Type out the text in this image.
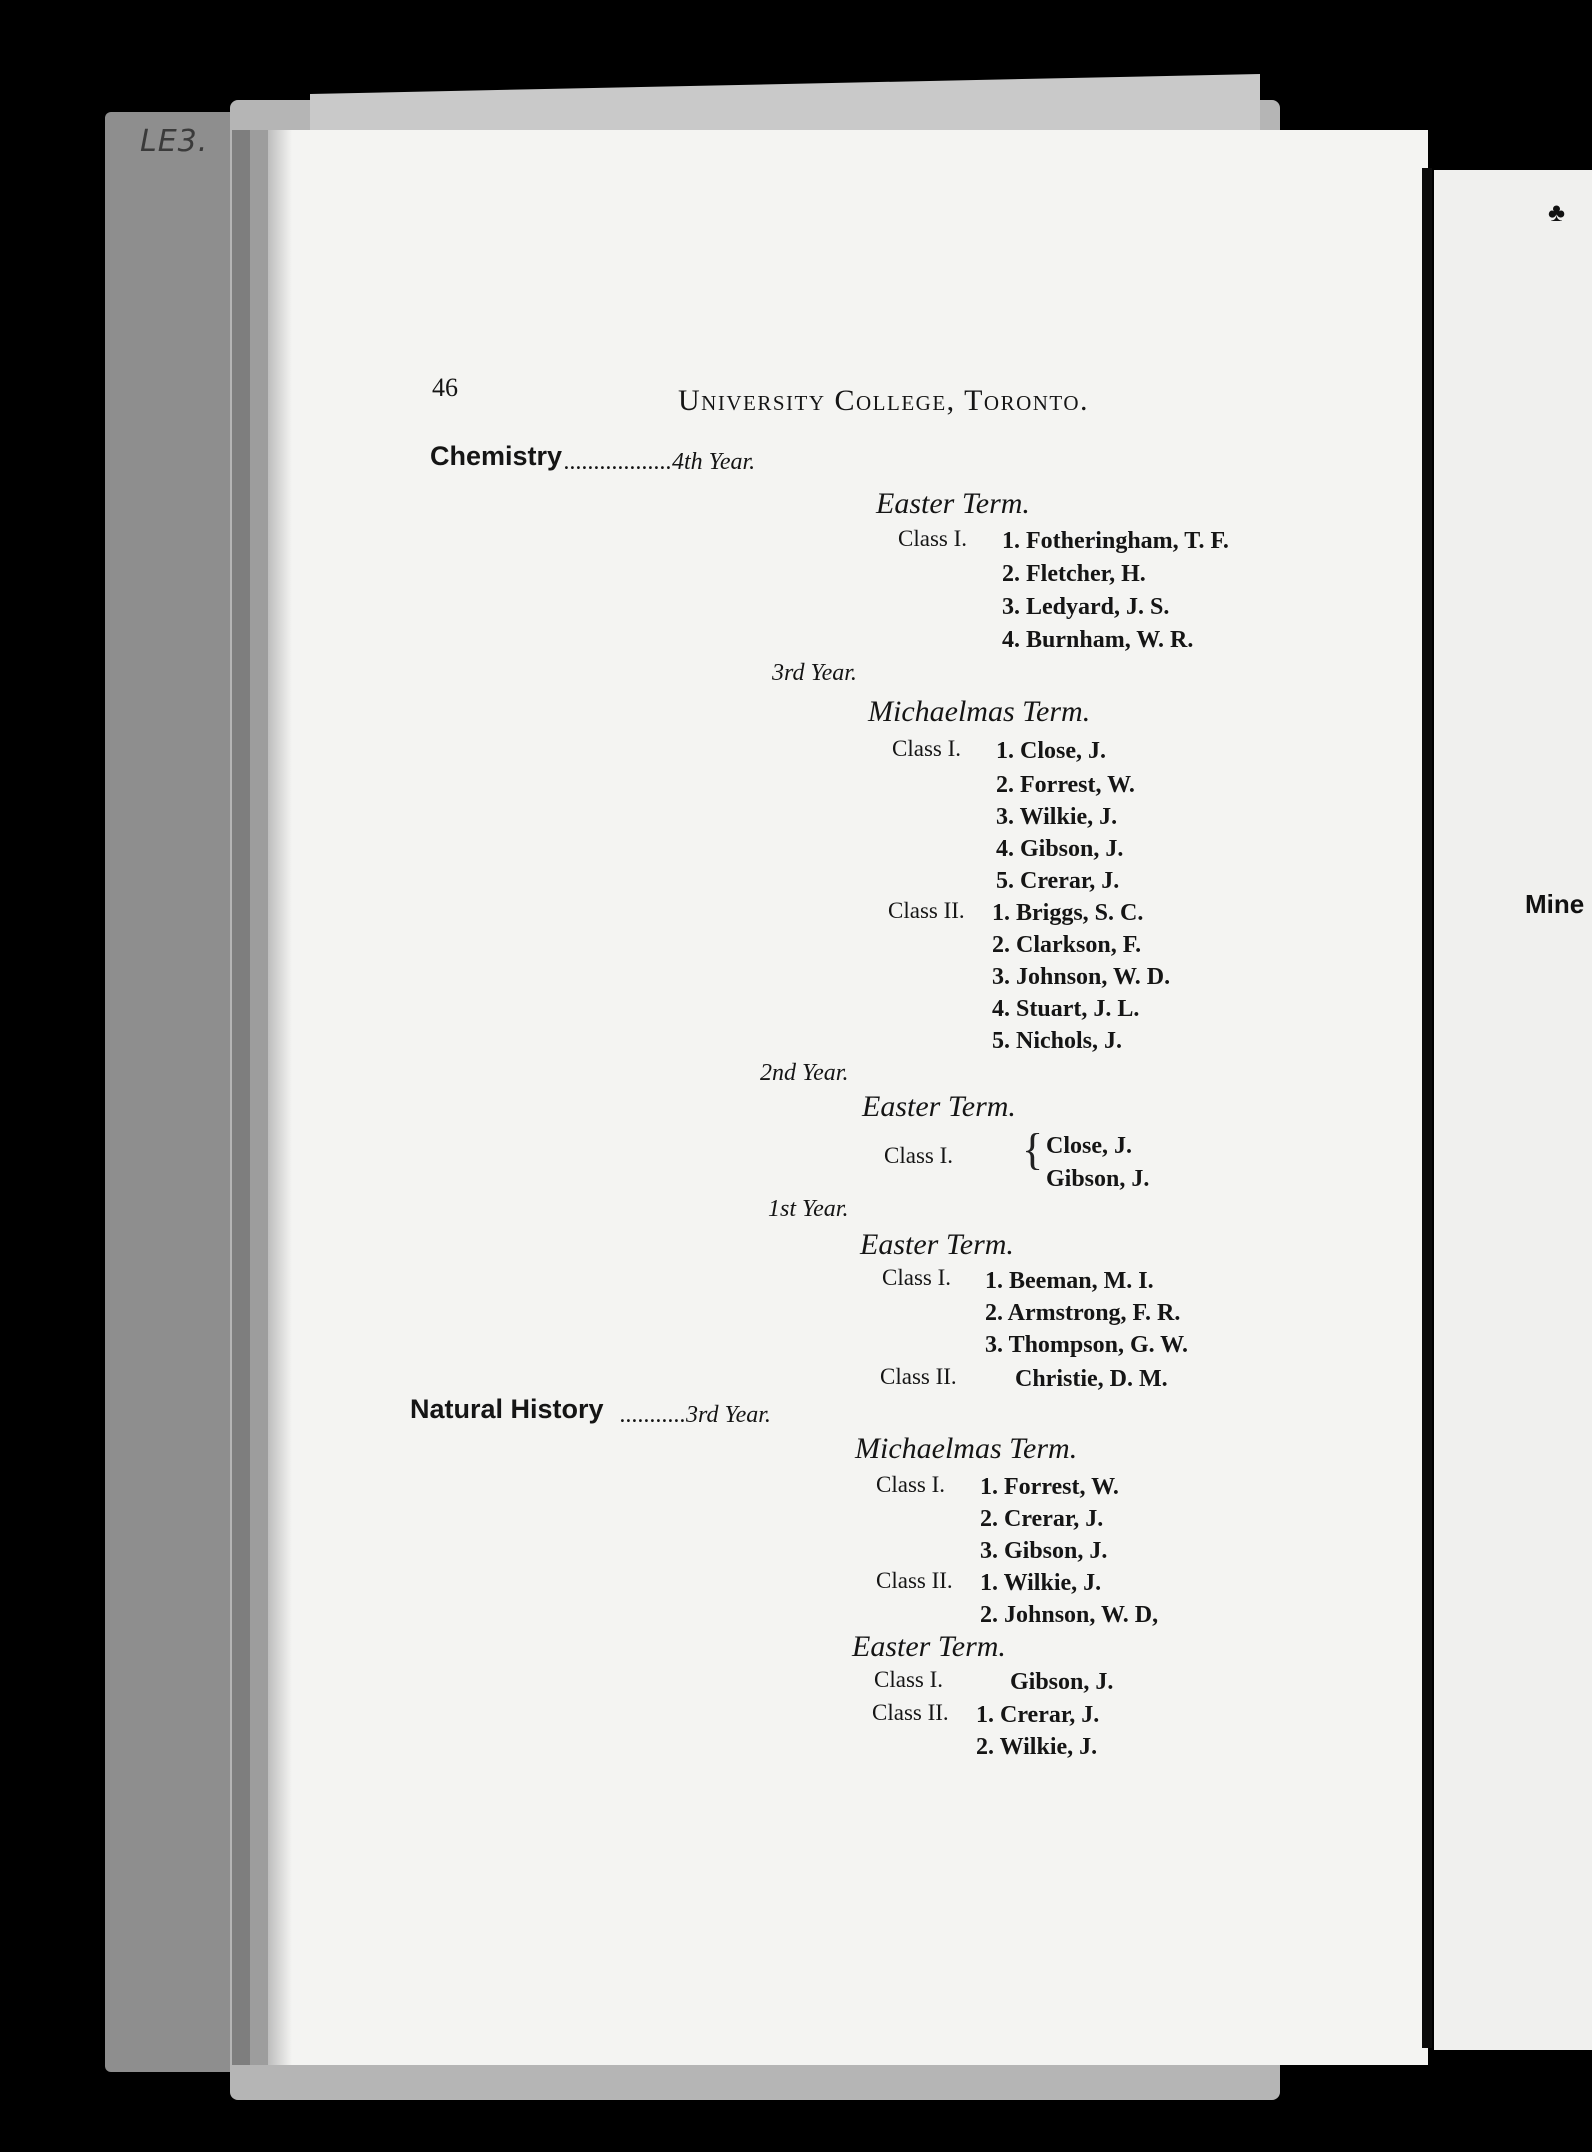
LE3.
♣
Mine
46	University College, Toronto.
Chemistry ..................4th Year.
Easter Term.
Class I. 1. Fotheringham, T. F.
2. Fletcher, H.
3. Ledyard, J. S.
4. Burnham, W. R.
3rd Year.
Michaelmas Term.
Class I. 1. Close, J.
2. Forrest, W.
3. Wilkie, J.
4. Gibson, J.
5. Crerar, J.
Class II. 1. Briggs, S. C.
2. Clarkson, F.
3. Johnson, W. D.
4. Stuart, J. L.
5. Nichols, J.
2nd Year.
Easter Term.
Class I. { Close, J.
Gibson, J.
1st Year.
Easter Term.
Class I. 1. Beeman, M. I.
2. Armstrong, F. R.
3. Thompson, G. W.
Class II. Christie, D. M.
Natural History ...........3rd Year.
Michaelmas Term.
Class I. 1. Forrest, W.
2. Crerar, J.
3. Gibson, J.
Class II. 1. Wilkie, J.
2. Johnson, W. D,
Easter Term.
Class I.	Gibson, J.
Class II. 1. Crerar, J.
2. Wilkie, J.
